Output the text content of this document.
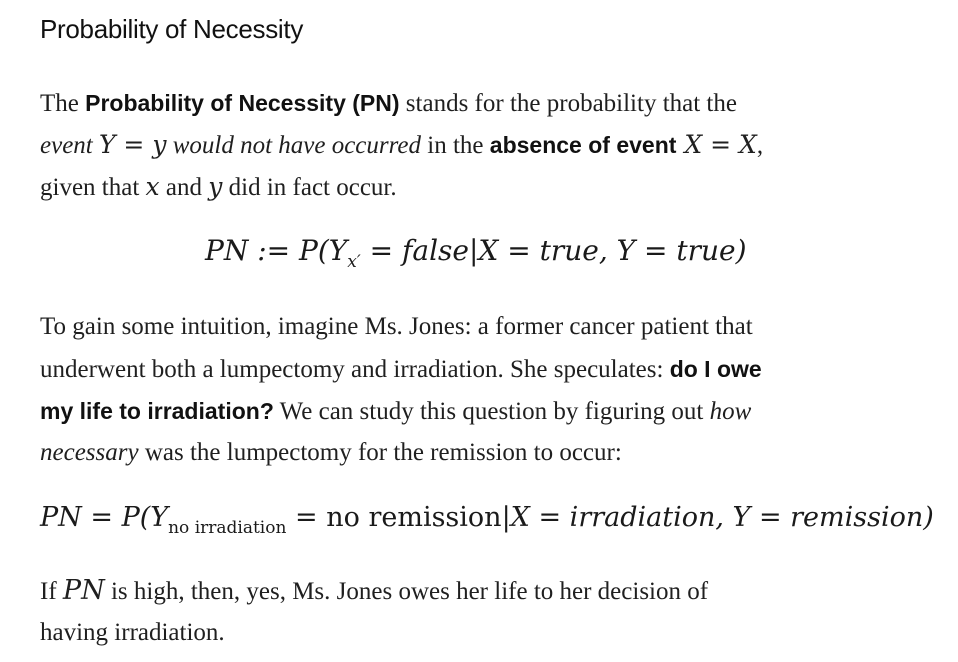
Probability of Necessity

The Probability of Necessity (PN) stands for the probability that the

event Y = y would not have occurred in the absence of event X = X,

given that x and y did in fact occur.

PN := $P(Y_{x'}$ = false|X = true, Y = true)

To gain some intuition, imagine Ms. Jones: a former cancer patient that

underwent both a lumpectomy and irradiation. She speculates: do I owe

my life to irradiation? We can study this question by figuring out how

necessary was the lumpectomy for the remission to occur:

PN = $P(Y_{no irradiation}$ = no remission|X = irradiation, Y = remission)

If PN is high, then, yes, Ms. Jones owes her life to her decision of

having irradiation.
